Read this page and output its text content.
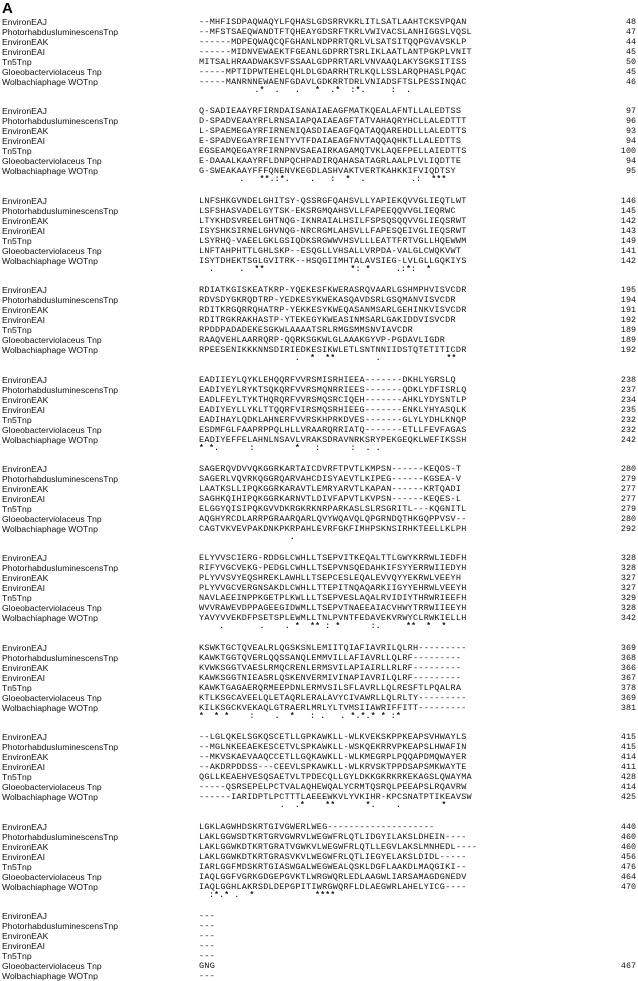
A
EnvironEAJ	--MHFISDPAQWAQYLFQHASLGDSRRVKRLITLSATLAAHTCKSVPQAN	48
PhotorhabdusluminescensTnp	--MFSTSAEQWANDTFTQHEAYGDSRFTKRLVWIVACSLANHIGGSLVQSL	47
EnvironEAK	------MDPEQWAQCQFGHANLNDPRRTQRLVLSATSITQQPGVAVSKLP	44
EnvironEAI	------MIDNVEWAEKTFGEANLGDPRRTSRLIKLAATLANTPGKPLVNIT	45
Tn5Tnp	MITSALHRAADWAKSVFSSAALGDPRRTARLVNVAAQLAKYSGKSITISS	50
Gloeobacterviolaceus Tnp	-----MPTIDPWTEHELQHLDLGDARRHTRLKQLLSSLARQPHASLPQAC	45
Wolbachiaphage WOTnp	-----MANRNNEWAENFGDAVLGDKRRTDRLVNIADSFTSLPESSINQAC	46
.*  .   .   *  .*  :*.     :  .
EnvironEAJ	Q-SADIEAAYRFIRNDAISANAIAEAGFMATKQEALAFNTLLALEDTSS	97
PhotorhabdusluminescensTnp	D-SPADVEAAYRFLRNSAIAPQAIAEAGFTATVAHAQRYHCLLALEDTTT	96
EnvironEAK	L-SPAEMEGAYRFIRNENIQASDIAEAGFQATAQQAREHDLLLALEDTTS	93
EnvironEAI	E-SPADVEGAYRFIENTYVTFDAIAEAGFNVTAQQAQHKTLLALEDTTS	94
Tn5Tnp	EGSEAMQEGAYRFIRNPNVSAEAIRKAGAMQTVKLAQEFPELLAIEDTTS	100
Gloeobacterviolaceus Tnp	E-DAAALKAAYRFLDNPQCHPADIRQAHASATAGRLAALPLVLIQDTTE	94
Wolbachiaphage WOTnp	G-SWEAKAAYFFFQNENVKEGDLASHVAKTVERTKAHKKIFVIQDTSY	95
.   **.:*.    .   :  *  .         .:  ***
EnvironEAJ	LNFSHKGVNDELGHITSY-QSSRGFQAHSVLLYAPIEKQVVGLIEQTLWT	146
PhotorhabdusluminescensTnp	LSFSHASVADELGYTSK-EKSRGMQAHSVLLFAPEEQQVVGLIEQRWC	145
EnvironEAK	LTYKHDSVREELGHTNQG-IKNRAIALHSILFSPSQSQQVVGLIEQSRWT	142
EnvironEAI	ISYSHKSIRNELGHVNQG-NRCRGMLAHSVLLFAPESQEIVGLIEQSRWT	143
Tn5Tnp	LSYRHQ-VAEELGKLGSIQDKSRGWWVHSVLLLEATTFRTVGLLHQEWWM	149
Gloeobacterviolaceus Tnp	LNFTAHPHTTLGHLSKP--ESQGLLVHSALLVRPDA-VALGLCWQKVWT	141
Wolbachiaphage WOTnp	ISYTDHEKTSGLGVITRK--HSQGIIMHTALAVSIEG-LVLGLLGQKIYS	142
.     .  **                 *: *     .:*:  *
EnvironEAJ	RDIATKGISKEATKRP-YQEKESFKWERASRQVAARLGSHMPHVISVCDR	195
PhotorhabdusluminescensTnp	RDVSDYGKRQDTRP-YEDKESYKWEKASQAVDSRLGSQMANVISVCDR	194
EnvironEAK	RDITKRGQRRQHATRP-YEKKESYKWEQASANMSARLGEHINKVISVCDR	191
EnvironEAI	RDITRGKRAKHASTP-YTEKEGYKWEASINMSARLGAKIDDVISVCDR	192
Tn5Tnp	RPDDPADADEKESGKWLAAAATSRLRMGSMMSNVIAVCDR	189
Gloeobacterviolaceus Tnp	RAAQVEHLAARRQRP-QQRKSGKWLGLAAAKGYVP-PGDAVLIGDR	189
Wolbachiaphage WOTnp	RPEESENIKKKNNSDIRIEDKESIKWLETLSNTNNIIDSTQTETITICDR	192
.  *  **        .             **
EnvironEAJ	EADIIEYLQYKLEHQQRFVVRSMISRHIEEA-------DKHLYGRSLQ	238
PhotorhabdusluminescensTnp	EADIYEYLRYKTSQKQRFVVRSMQNRRIEES-------QDKLYDFISRLQ	237
EnvironEAK	EADLFEYLTYKTHQRQRFVVRSMQSRCIQEH-------AHKLYDYSNTLP	234
EnvironEAI	EADIYEYLLYKLTTQQRFVIRSMQSRHIEEG-------ENKLYHYASQLK	235
Tn5Tnp	EADIHAYLQDKLAHNERFVVRSKHPRKDVES-------GLYLYDHLKNQP	232
Gloeobacterviolaceus Tnp	ESDMFGLFAAPRPPQLHLLVRAARQRRIATQ-------ETLLFEVFAGAS	232
Wolbachiaphage WOTnp	EADIYEFFELAHNLNSAVLVRAKSDRAVNRKSRYPEKGEQKLWEFIKSSH	242
* *.      :        *   :      :  . .
EnvironEAJ	SAGERQVDVVQKGGRKARTAICDVRFTPVTLKMPSN------KEQOS-T	280
PhotorhabdusluminescensTnp	SAGERLVQVRKQGGRQARVAHCDISYAEVTLKIPEG------KGSEA-V	279
EnvironEAK	LAATKSLLIPQKGGRKARAVTLEMRYARVTLKAPAN------KRTQADI	277
EnvironEAI	SAGHKQIHIPQKGGRKARNVTLDIVFAPVTLKVPSN------KEQES-L	277
Tn5Tnp	ELGGYQISIPQKGVVDKRGKRKNRPARKASLSLRSGRITL---KQGNITL	279
Gloeobacterviolaceus Tnp	AQGHYRCDLARRPGRAARQARLQVYWQAVQLQPGRNDQTHKGQPPVSV--	280
Wolbachiaphage WOTnp	CAGTVKVEVPAKDNKPKRPAHLEVRFGKFIMHPSKNSIRHKTEELLKLPH	292
.
EnvironEAJ	ELYVVSCIERG-RDDGLCWHLLTSEPVITKEQALTTLGWYKRRWLIEDFH	328
PhotorhabdusluminescensTnp	RIFYVGCVEKG-PEDGLCWHLLTSEPVNSQEDAHKIFSYYERRWIIEDYH	328
EnvironEAK	PLYVVSVYEQSHREKLAWHLLTSEPCESLEQALEVVQYYEKRWLVEEYH	327
EnvironEAI	PLYVVGCVERGNSAKDLCWHLLTTEPITNQAQARKIIGYYEHRWLVEEYH	327
Tn5Tnp	NAVLAEEINPPKGETPLKWLLLTSEPVESLAQALRVIDIYTHRWRIEEFH	329
Gloeobacterviolaceus Tnp	WVVRAWEVDPPAGEEGIDWMLLTSEPVTNAEEAIACVHWYTRRWIIEEYH	328
Wolbachiaphage WOTnp	YAVYVVEKDFPSETSPLEWMLLTNLPVNTFEDAVEKVRWYCLRWKIELLH	342
.       .    . *  ** : *      :.     **  *  *
EnvironEAJ	KSWKTGCTQVEALRLQGSKSNLEMIITQIAFIAVRILQLRH---------	369
PhotorhabdusluminescensTnp	KAWKTGGTQVERLQQSSANQLEMMVILLAFIAVRLLQLRF---------	368
EnvironEAK	KVWKSGGTVAESLRMQCRENLERMSVILAPIAIRLLRLRF---------	366
EnvironEAI	KAWKSGGTNIEASRLQSKENVERMIVINAPIAVRILQLRF---------	367
Tn5Tnp	KAWKTGAGAERQRMEEPDNLERMVSILSFLAVRLLQLRESFTLPQALRA	378
Gloeobacterviolaceus Tnp	KTLKSGCAVEELQLETAQRLERALAVYCIVAWRLLQLRLTY---------	369
Wolbachiaphage WOTnp	KILKSGCKVEKAQLGTRAERLMRLYLTVMSIIAWRIFFITT---------	381
*  * *    :    .  *   : .   . *.*.* * :*
EnvironEAJ	--LGLQKELSGKQSCETLLGPKAWKLL-WLKVEKSKPPKEAPSVHWAYLS	415
PhotorhabdusluminescensTnp	--MGLNKEEAEKESCETVLSPKAWKLL-WSKQEKRRVPKEAPSLHWAFIN	415
EnvironEAK	--MKVSKAEVAAQCCETLLGQKAWKLL-WLKMEGRPLPQQAPDMQWAYER	414
EnvironEAI	--AKDRPDDSS---CEEVLSPKAWKLL-WLKRVSKTPPDSAPSMKWAYTE	411
Tn5Tnp	QGLLKEAEHVESQSAETVLTPDECQLLGYLDKKGKRKRKEKAGSLQWAYMA	428
Gloeobacterviolaceus Tnp	-----QSRSEPELPCTVALAQHEWQALYCRMTQSRQLPEEAPSLRQAVRW	414
Wolbachiaphage WOTnp	------IARIDPTLPCTTTLAEEEWKVLYVKIHR-KPCSNATPTIKEAVSW	425
.  .*    **      *.    .        *
EnvironEAJ	LGKLAGWHDSKRTGIVGWERLWEG--------------------	440
PhotorhabdusluminescensTnp	LAKLGGWSDTKRTGRVGWRVLWEGWFRLQTLIDGYILAKSLDHEIN----	460
EnvironEAK	LAKLGGWKDTKRTGRATVGWKVLWEGWFRLQTLLEGVLAKSLMNHEDL----	460
EnvironEAI	LAKLGGWKDTKRTGRASVKVLWEGWFRLQTLIEGYELAKSLDIDL-----	456
Tn5Tnp	IARLGGFMDSKRTGIASWGALWEGWEALQSKLDGFLAAKDLMAQGIKI--	476
Gloeobacterviolaceus Tnp	IAQLGGFVGRKGDGEPGVKTLWRGWQRLEDLAAGWLIARSAMAGDGNEDV	464
Wolbachiaphage WOTnp	IAQLGGHLAKRSDLDEPGPITIWRGWQRFLDLAEGWRLAHELYICG----	470
:*.* .  *            ****
EnvironEAJ	---
PhotorhabdusluminescensTnp	---
EnvironEAK	---
EnvironEAI	---
Tn5Tnp	---
Gloeobacterviolaceus Tnp	GNG	467
Wolbachiaphage WOTnp	---
